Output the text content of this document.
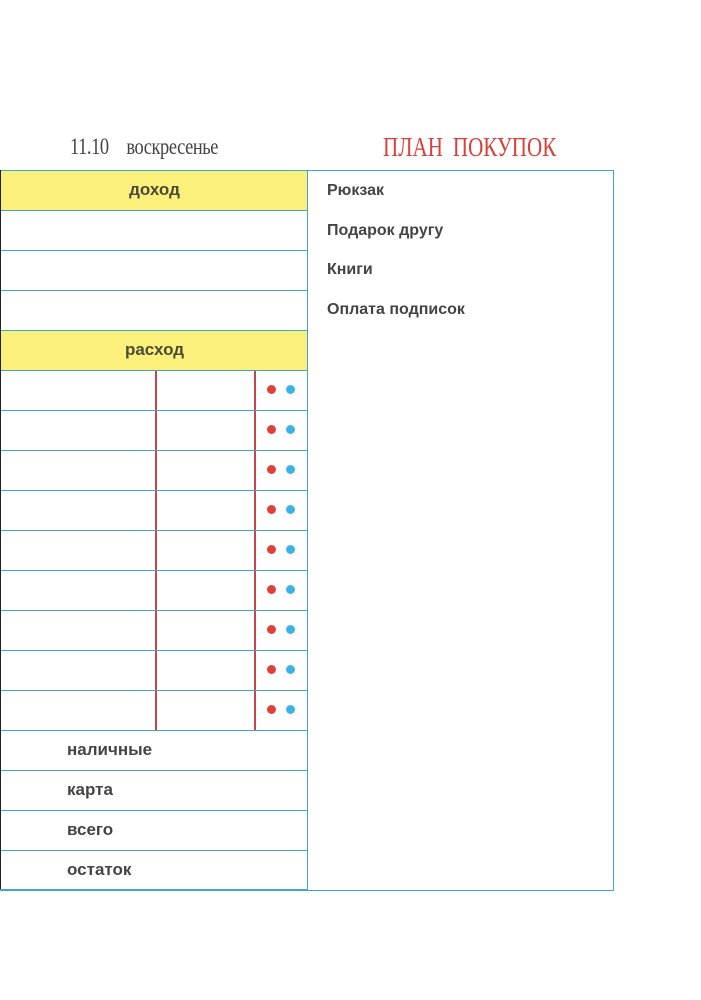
11.10 воскресенье	ПЛАН ПОКУПОК
доход
расход
наличные
карта
всего
остаток
Рюкзак
Подарок другу
Книги
Оплата подписок
